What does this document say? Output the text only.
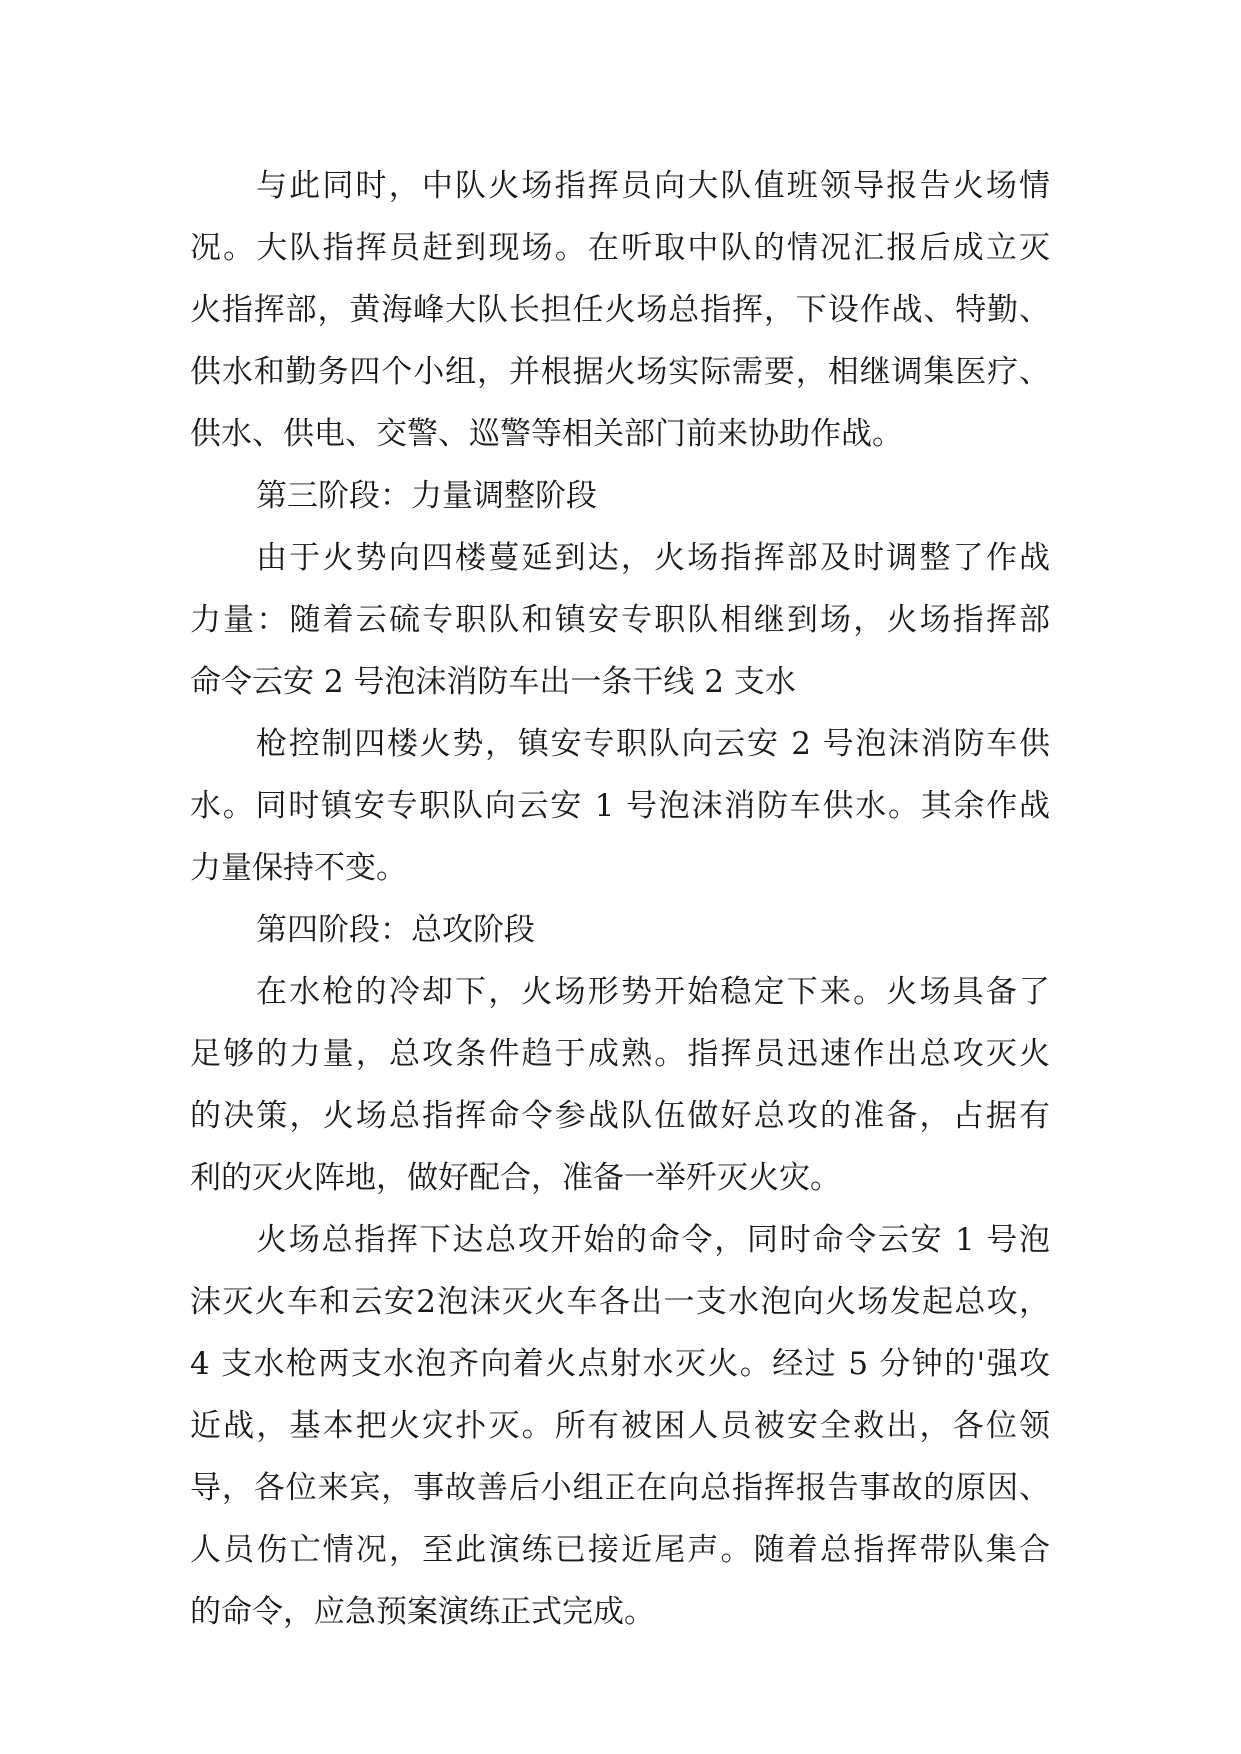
与此同时，中队火场指挥员向大队值班领导报告火场情
况。大队指挥员赶到现场。在听取中队的情况汇报后成立灭
火指挥部，黄海峰大队长担任火场总指挥，下设作战、特勤、
供水和勤务四个小组，并根据火场实际需要，相继调集医疗、
供水、供电、交警、巡警等相关部门前来协助作战。
第三阶段：力量调整阶段
由于火势向四楼蔓延到达，火场指挥部及时调整了作战
力量：随着云硫专职队和镇安专职队相继到场，火场指挥部
命令云安 2 号泡沫消防车出一条干线 2 支水
枪控制四楼火势，镇安专职队向云安 2 号泡沫消防车供
水。同时镇安专职队向云安 1 号泡沫消防车供水。其余作战
力量保持不变。
第四阶段：总攻阶段
在水枪的冷却下，火场形势开始稳定下来。火场具备了
足够的力量，总攻条件趋于成熟。指挥员迅速作出总攻灭火
的决策，火场总指挥命令参战队伍做好总攻的准备，占据有
利的灭火阵地，做好配合，准备一举歼灭火灾。
火场总指挥下达总攻开始的命令，同时命令云安 1 号泡
沫灭火车和云安2泡沫灭火车各出一支水泡向火场发起总攻，
4 支水枪两支水泡齐向着火点射水灭火。经过 5 分钟的'强攻
近战，基本把火灾扑灭。所有被困人员被安全救出，各位领
导，各位来宾，事故善后小组正在向总指挥报告事故的原因、
人员伤亡情况，至此演练已接近尾声。随着总指挥带队集合
的命令，应急预案演练正式完成。
